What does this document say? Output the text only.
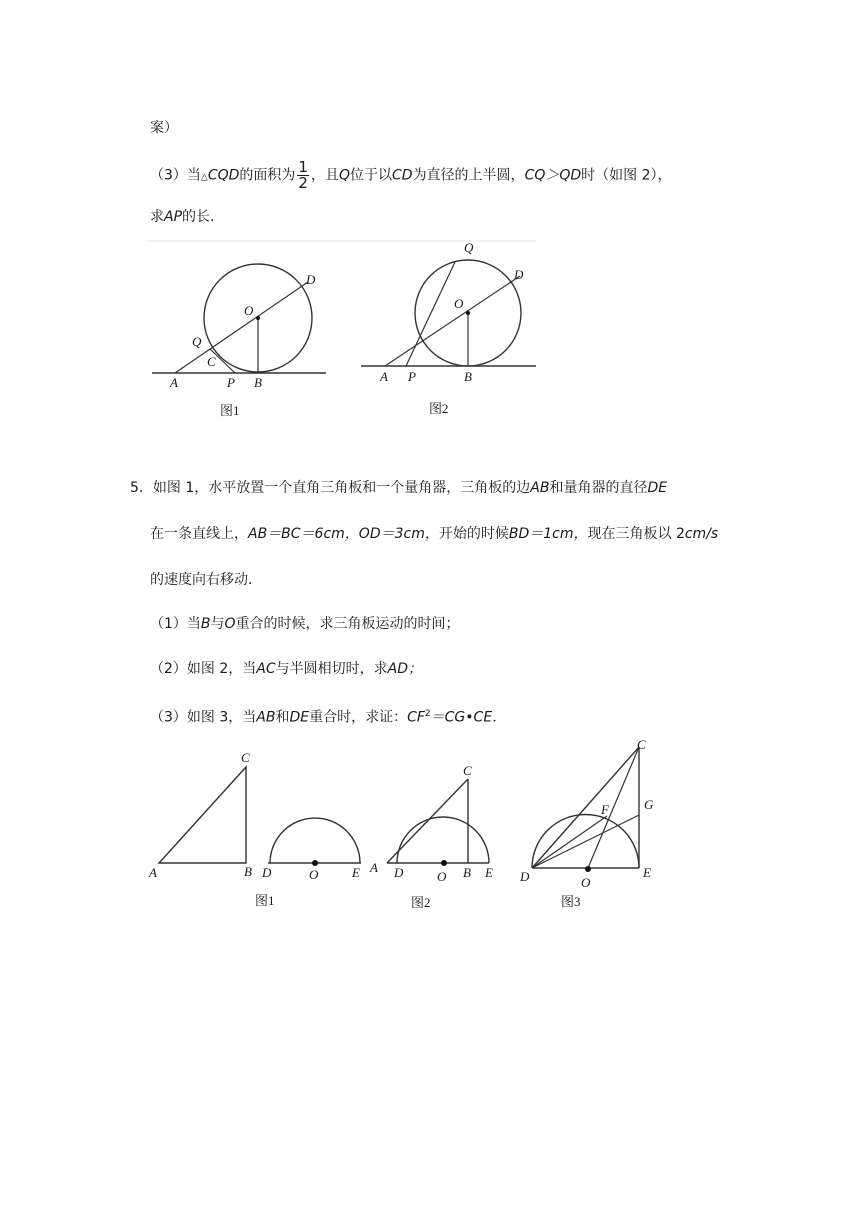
案）
（3）当△CQD的面积为 $\frac{1}{2}$ ，且Q位于以CD为直径的上半圆，CQ＞QD时（如图 2），
求AP的长．
O
D
Q
C
A	P B
图1
O
D
Q
A P	B
图2
5．如图 1，水平放置一个直角三角板和一个量角器，三角板的边AB和量角器的直径DE
在一条直线上，AB＝BC＝6cm，OD＝3cm，开始的时候BD＝1cm，现在三角板以 2cm/s
的速度向右移动．
（1）当B与O重合的时候，求三角板运动的时间；
（2）如图 2，当AC与半圆相切时，求AD；
（3）如图 3，当AB和DE重合时，求证：$CF^2=CG•CE$．
C
A	B D	O	E
图1
C
A D	O B E
图2
C
F	G
D	O
E
图3
